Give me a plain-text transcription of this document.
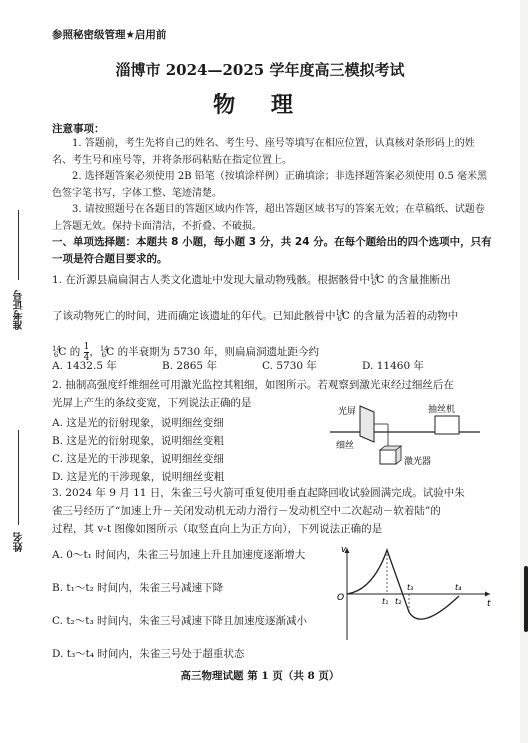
参照秘密级管理★启用前
淄博市 2024—2025 学年度高三模拟考试
物 理
注意事项：
1. 答题前，考生先将自己的姓名、考生号、座号等填写在相应位置，认真核对条形码上的姓名、考生号和座号等，并将条形码粘贴在指定位置上。
2. 选择题答案必须使用 2B 铅笔（按填涂样例）正确填涂；非选择题答案必须使用 0.5 毫米黑色签字笔书写，字体工整、笔迹清楚。
3. 请按照题号在各题目的答题区域内作答，超出答题区域书写的答案无效；在草稿纸、试题卷上答题无效。保持卡面清洁，不折叠、不破损。
一、单项选择题：本题共 8 小题，每小题 3 分，共 24 分。在每个题给出的四个选项中，只有一项是符合题目要求的。
1. 在沂源县扁扁洞古人类文化遗址中发现大量动物残骸。根据骸骨中$^{14}_6$C 的含量推断出
了该动物死亡的时间，进而确定该遗址的年代。已知此骸骨中$^{14}_6$C 的含量为活着的动物中
$^{14}_6$C 的 $\frac{1}{4}$ ，$^{14}_6$C 的半衰期为 5730 年，则扁扁洞遗址距今约
A. 1432.5 年	B. 2865 年	C. 5730 年	D. 11460 年
2. 抽制高强度纤维细丝可用激光监控其粗细，如图所示。若观察到激光束经过细丝后在
光屏上产生的条纹变宽，下列说法正确的是
A. 这是光的衍射现象，说明细丝变细
B. 这是光的衍射现象，说明细丝变粗
C. 这是光的干涉现象，说明细丝变细
D. 这是光的干涉现象，说明细丝变粗
光屏	抽丝机
细丝
激光器
3. 2024 年 9 月 11 日，朱雀三号火箭可重复使用垂直起降回收试验圆满完成。试验中朱
雀三号经历了“加速上升－关闭发动机无动力滑行－发动机空中二次起动－软着陆”的
过程，其 v-t 图像如图所示（取竖直向上为正方向），下列说法正确的是
A. 0～t₁ 时间内，朱雀三号加速上升且加速度逐渐增大
B. t₁～t₂ 时间内，朱雀三号减速下降
C. t₂～t₃ 时间内，朱雀三号减速下降且加速度逐渐减小
D. t₃～t₄ 时间内，朱雀三号处于超重状态
v
t
O	t₁ t₂
t₃	t₄
高三物理试题 第 1 页（共 8 页）
准考证号
姓名
